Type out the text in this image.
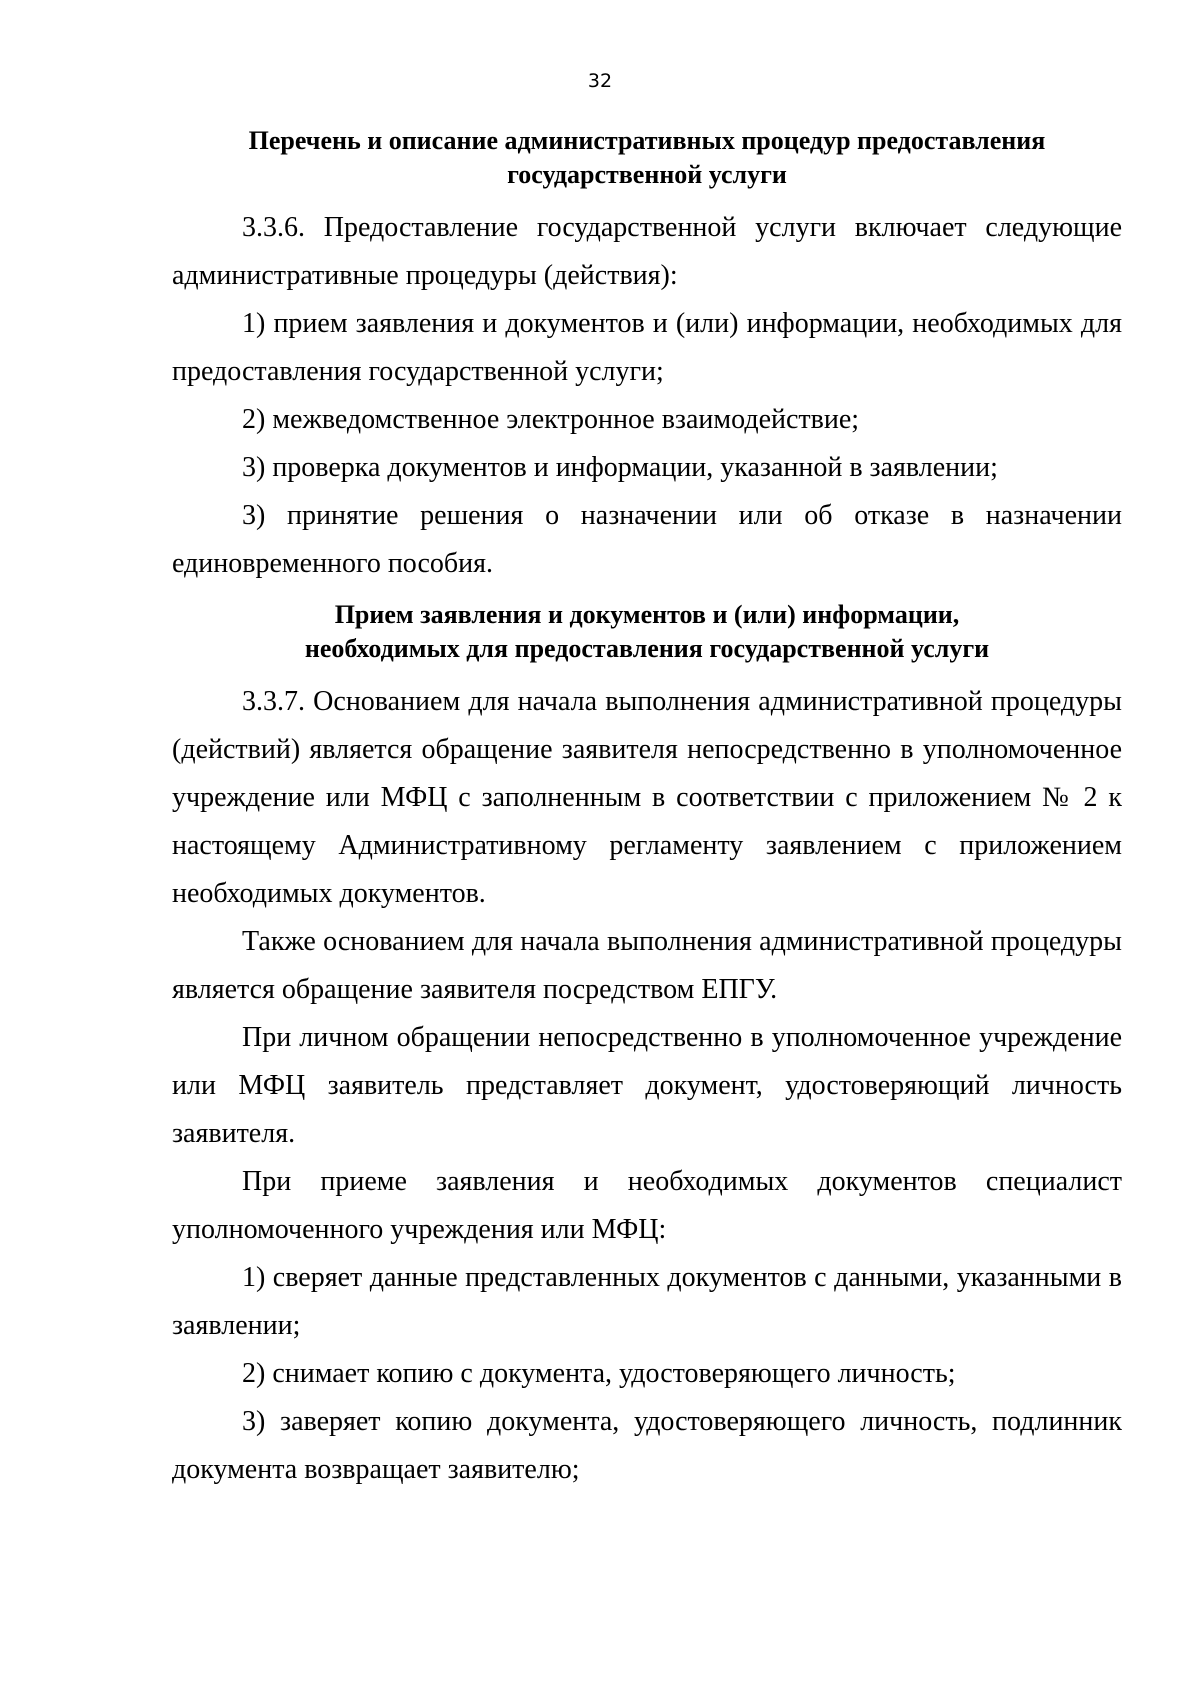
32

Перечень и описание административных процедур предоставления
государственной услуги

3.3.6. Предоставление государственной услуги включает следующие административные процедуры (действия):

1) прием заявления и документов и (или) информации, необходимых для предоставления государственной услуги;

2) межведомственное электронное взаимодействие;

3) проверка документов и информации, указанной в заявлении;

3) принятие решения о назначении или об отказе в назначении единовременного пособия.

Прием заявления и документов и (или) информации,
необходимых для предоставления государственной услуги

3.3.7. Основанием для начала выполнения административной процедуры (действий) является обращение заявителя непосредственно в уполномоченное учреждение или МФЦ с заполненным в соответствии с приложением № 2 к настоящему Административному регламенту заявлением с приложением необходимых документов.

Также основанием для начала выполнения административной процедуры является обращение заявителя посредством ЕПГУ.

При личном обращении непосредственно в уполномоченное учреждение или МФЦ заявитель представляет документ, удостоверяющий личность заявителя.

При приеме заявления и необходимых документов специалист уполномоченного учреждения или МФЦ:

1) сверяет данные представленных документов с данными, указанными в заявлении;

2) снимает копию с документа, удостоверяющего личность;

3) заверяет копию документа, удостоверяющего личность, подлинник документа возвращает заявителю;
